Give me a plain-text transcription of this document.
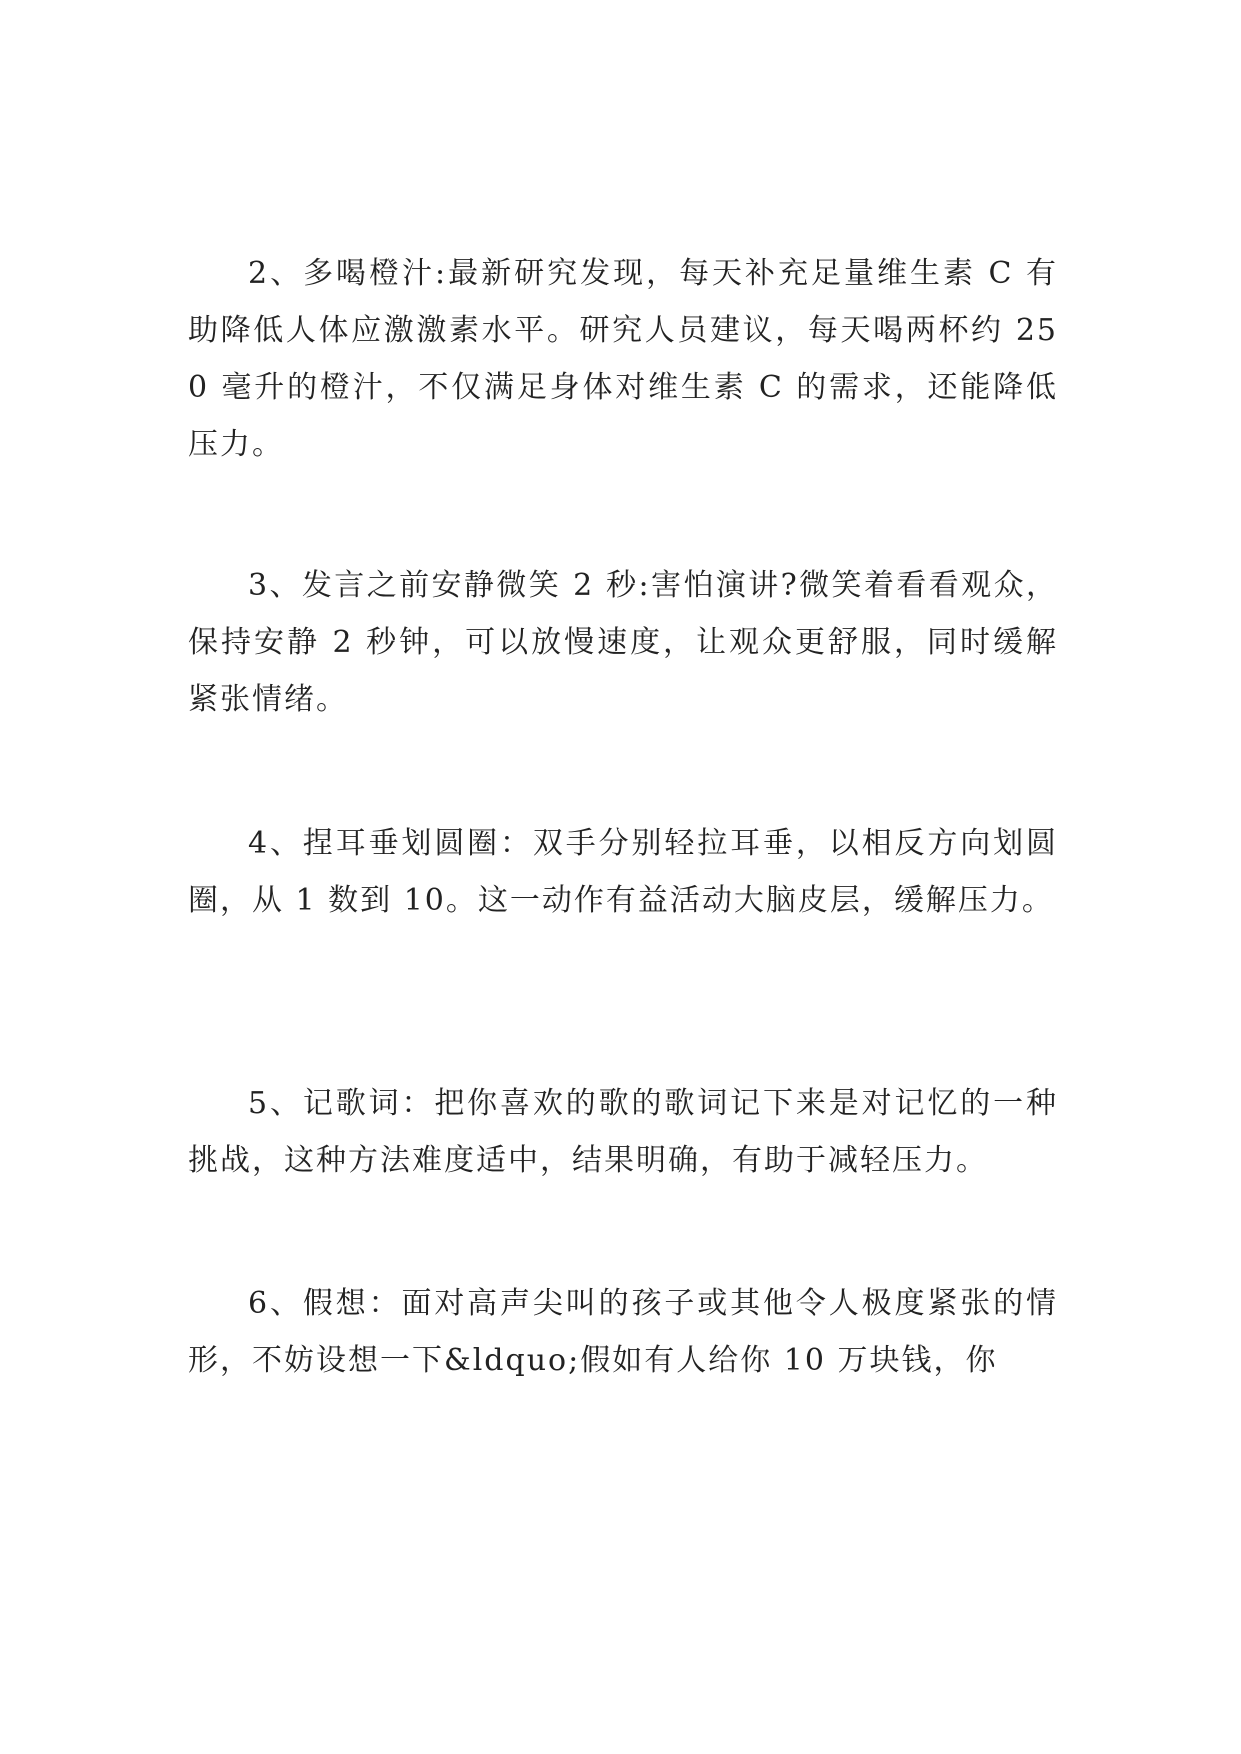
2、多喝橙汁:最新研究发现，每天补充足量维生素 C 有助降低人体应激激素水平。研究人员建议，每天喝两杯约 250 毫升的橙汁，不仅满足身体对维生素 C 的需求，还能降低压力。

3、发言之前安静微笑 2 秒:害怕演讲?微笑着看看观众，保持安静 2 秒钟，可以放慢速度，让观众更舒服，同时缓解紧张情绪。

4、捏耳垂划圆圈：双手分别轻拉耳垂，以相反方向划圆圈，从 1 数到 10。这一动作有益活动大脑皮层，缓解压力。

5、记歌词：把你喜欢的歌的歌词记下来是对记忆的一种挑战，这种方法难度适中，结果明确，有助于减轻压力。

6、假想：面对高声尖叫的孩子或其他令人极度紧张的情形，不妨设想一下&ldquo;假如有人给你 10 万块钱，你
